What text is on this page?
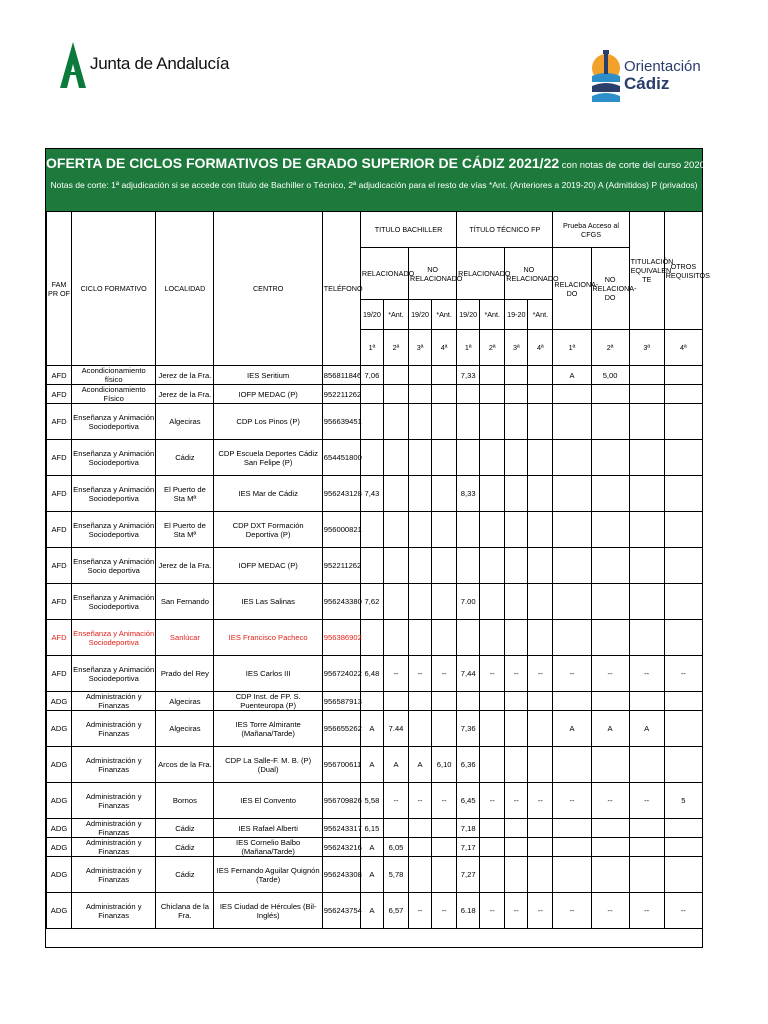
Junta de Andalucía	Orientación
Cádiz
OFERTA DE CICLOS FORMATIVOS DE GRADO SUPERIOR DE CÁDIZ 2021/22 con notas de corte del curso 2020-21
Notas de corte: 1ª adjudicación si se accede con título de Bachiller o Técnico, 2ª adjudicación para el resto de vías *Ant. (Anteriores a 2019-20) A (Admitidos) P (privados)
FAM PR OF	CICLO FORMATIVO	LOCALIDAD	CENTRO	TELÉFONO	TITULO BACHILLER				TÍTULO TÉCNICO FP				Prueba Acceso al CFGS		TITULACIÓN EQUIVALEN TE	OTROS REQUISITOS
					RELACIONADO		NO RELACIONADO		RELACIONADO		NO RELACIONADO		RELACIONA- DO	NO RELACIONA- DO		
					19/20	*Ant.	19/20	*Ant.	19/20	*Ant.	19-20	*Ant.				
					1ª	2ª	3ª	4ª	1ª	2ª	3ª	4ª	1ª	2ª	3ª	4ª
AFD	Acondicionamiento físico	Jerez de la Fra.	IES Seritium	856811846	7,06				7,33				A	5,00		
AFD	Acondicionamiento Físico	Jerez de la Fra.	IOFP MEDAC (P)	952211262												
AFD	Enseñanza y Animación Sociodeportiva	Algeciras	CDP Los Pinos (P)	956639451												
AFD	Enseñanza y Animación Sociodeportiva	Cádiz	CDP Escuela Deportes Cádiz San Felipe (P)	654451800												
AFD	Enseñanza y Animación Sociodeportiva	El Puerto de Sta Mª	IES Mar de Cádiz	956243128	7,43				8,33							
AFD	Enseñanza y Animación Sociodeportiva	El Puerto de Sta Mª	CDP DXT Formación Deportiva (P)	956000821												
AFD	Enseñanza y Animación Socio deportiva	Jerez de la Fra.	IOFP MEDAC (P)	952211262												
AFD	Enseñanza y Animación Sociodeportiva	San Fernando	IES Las Salinas	956243380	7,62				7.00							
AFD	Enseñanza y Animación Sociodeportiva	Sanlúcar	IES Francisco Pacheco	956386902												
AFD	Enseñanza y Animación Sociodeportiva	Prado del Rey	IES Carlos III	956724022	6,48	--	--	--	7,44	--	--	--	--	--	--	--
ADG	Administración y Finanzas	Algeciras	CDP Inst. de FP. S. Puenteuropa (P)	956587913												
ADG	Administración y Finanzas	Algeciras	IES Torre Almirante (Mañana/Tarde)	956655262	A	7.44			7,36				A	A	A	
ADG	Administración y Finanzas	Arcos de la Fra.	CDP La Salle-F. M. B. (P) (Dual)	956700611	A	A	A	6,10	6,36							
ADG	Administración y Finanzas	Bornos	IES El Convento	956709826	5,58	--	--	--	6,45	--	--	--	--	--	--	5
ADG	Administración y Finanzas	Cádiz	IES Rafael Alberti	956243317	6,15				7,18							
ADG	Administración y Finanzas	Cádiz	IES Cornelio Balbo (Mañana/Tarde)	956243216	A	6,05			7,17							
ADG	Administración y Finanzas	Cádiz	IES Fernando Aguilar Quignón (Tarde)	956243308	A	5,78			7,27							
ADG	Administración y Finanzas	Chiclana de la Fra.	IES Ciudad de Hércules (Bil-Inglés)	956243754	A	6,57	--	--	6.18	--	--	--	--	--	--	--
